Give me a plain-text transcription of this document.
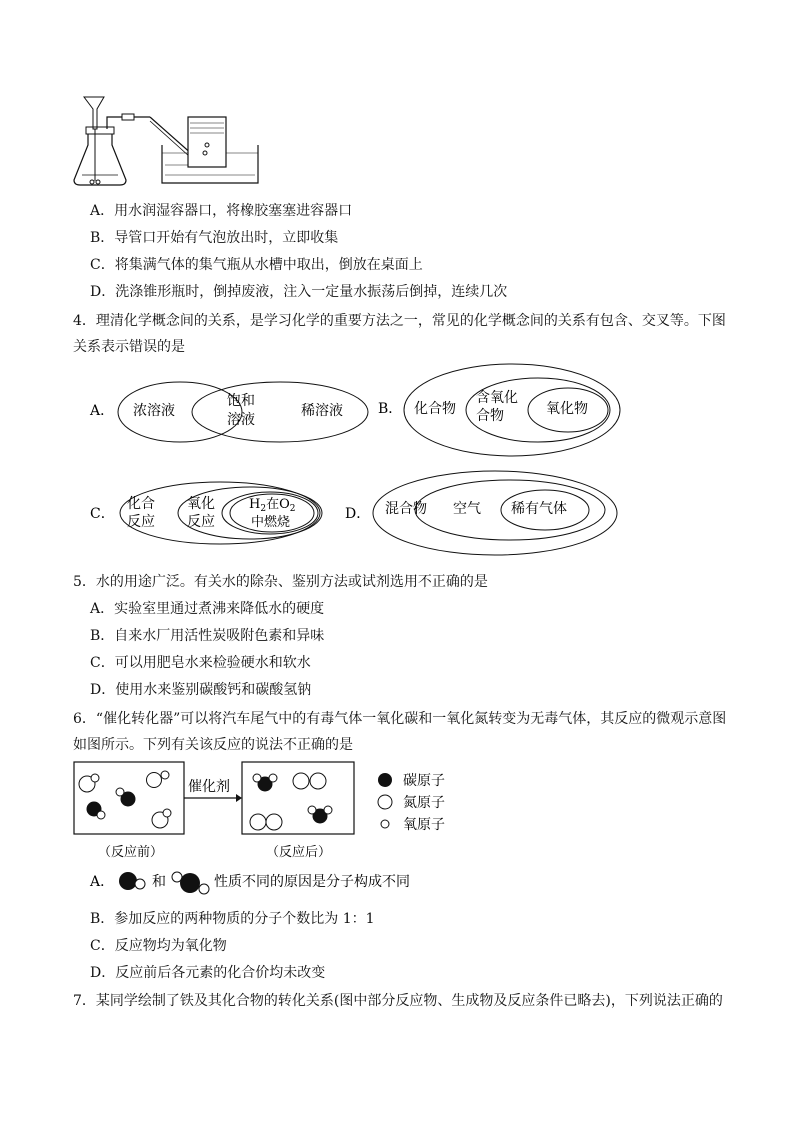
A．用水润湿容器口，将橡胶塞塞进容器口
B．导管口开始有气泡放出时，立即收集
C．将集满气体的集气瓶从水槽中取出，倒放在桌面上
D．洗涤锥形瓶时，倒掉废液，注入一定量水振荡后倒掉，连续几次
4．理清化学概念间的关系，是学习化学的重要方法之一，常见的化学概念间的关系有包含、交叉等。下图
关系表示错误的是
A． 浓溶液
饱和
溶液
稀溶液	B． 化合物
含氧化
合物	氧化物
C．
化合
反应
氧化
反应
$H_2$在$O_2$
中燃烧
D． 混合物 空气 稀有气体
5．水的用途广泛。有关水的除杂、鉴别方法或试剂选用不正确的是
A．实验室里通过煮沸来降低水的硬度
B．自来水厂用活性炭吸附色素和异味
C．可以用肥皂水来检验硬水和软水
D．使用水来鉴别碳酸钙和碳酸氢钠
6．“催化转化器”可以将汽车尾气中的有毒气体一氧化碳和一氧化氮转变为无毒气体，其反应的微观示意图
如图所示。下列有关该反应的说法不正确的是
催化剂
（反应前）	（反应后）
碳原子
氮原子
氧原子
A．	和	性质不同的原因是分子构成不同
B．参加反应的两种物质的分子个数比为 1：1
C．反应物均为氧化物
D．反应前后各元素的化合价均未改变
7．某同学绘制了铁及其化合物的转化关系(图中部分反应物、生成物及反应条件已略去)，下列说法正确的
